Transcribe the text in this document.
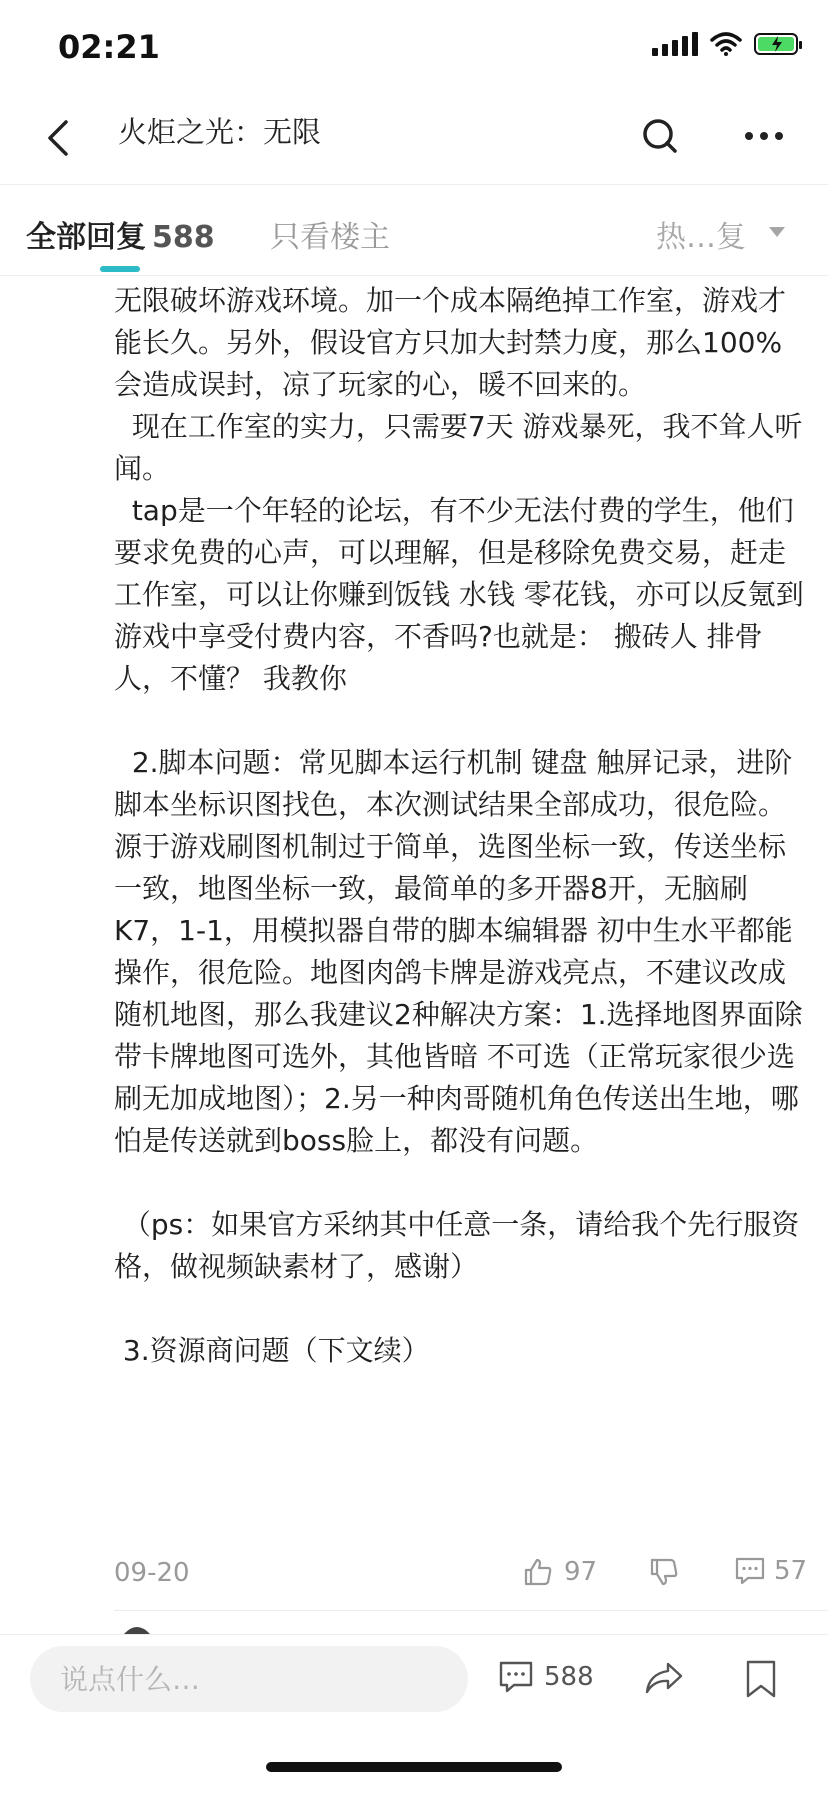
02:21
火炬之光：无限
全部回复 588 只看楼主	热…复

无限破坏游戏环境。加一个成本隔绝掉工作室，游戏才能长久。另外，假设官方只加大封禁力度，那么100%会造成误封，凉了玩家的心，暖不回来的。

现在工作室的实力，只需要7天 游戏暴死，我不耸人听闻。

tap是一个年轻的论坛，有不少无法付费的学生，他们要求免费的心声，可以理解，但是移除免费交易，赶走工作室，可以让你赚到饭钱 水钱 零花钱，亦可以反氪到游戏中享受付费内容，不香吗?也就是： 搬砖人 排骨人，不懂？ 我教你

2.脚本问题：常见脚本运行机制 键盘 触屏记录，进阶脚本坐标识图找色，本次测试结果全部成功，很危险。源于游戏刷图机制过于简单，选图坐标一致，传送坐标一致，地图坐标一致，最简单的多开器8开，无脑刷K7，1-1，用模拟器自带的脚本编辑器 初中生水平都能操作，很危险。地图肉鸽卡牌是游戏亮点，不建议改成随机地图，那么我建议2种解决方案：1.选择地图界面除带卡牌地图可选外，其他皆暗 不可选（正常玩家很少选刷无加成地图）；2.另一种肉哥随机角色传送出生地，哪怕是传送就到boss脸上，都没有问题。

（ps：如果官方采纳其中任意一条，请给我个先行服资格，做视频缺素材了，感谢）

3.资源商问题（下文续）

09-20	97	57
说点什么…
588
